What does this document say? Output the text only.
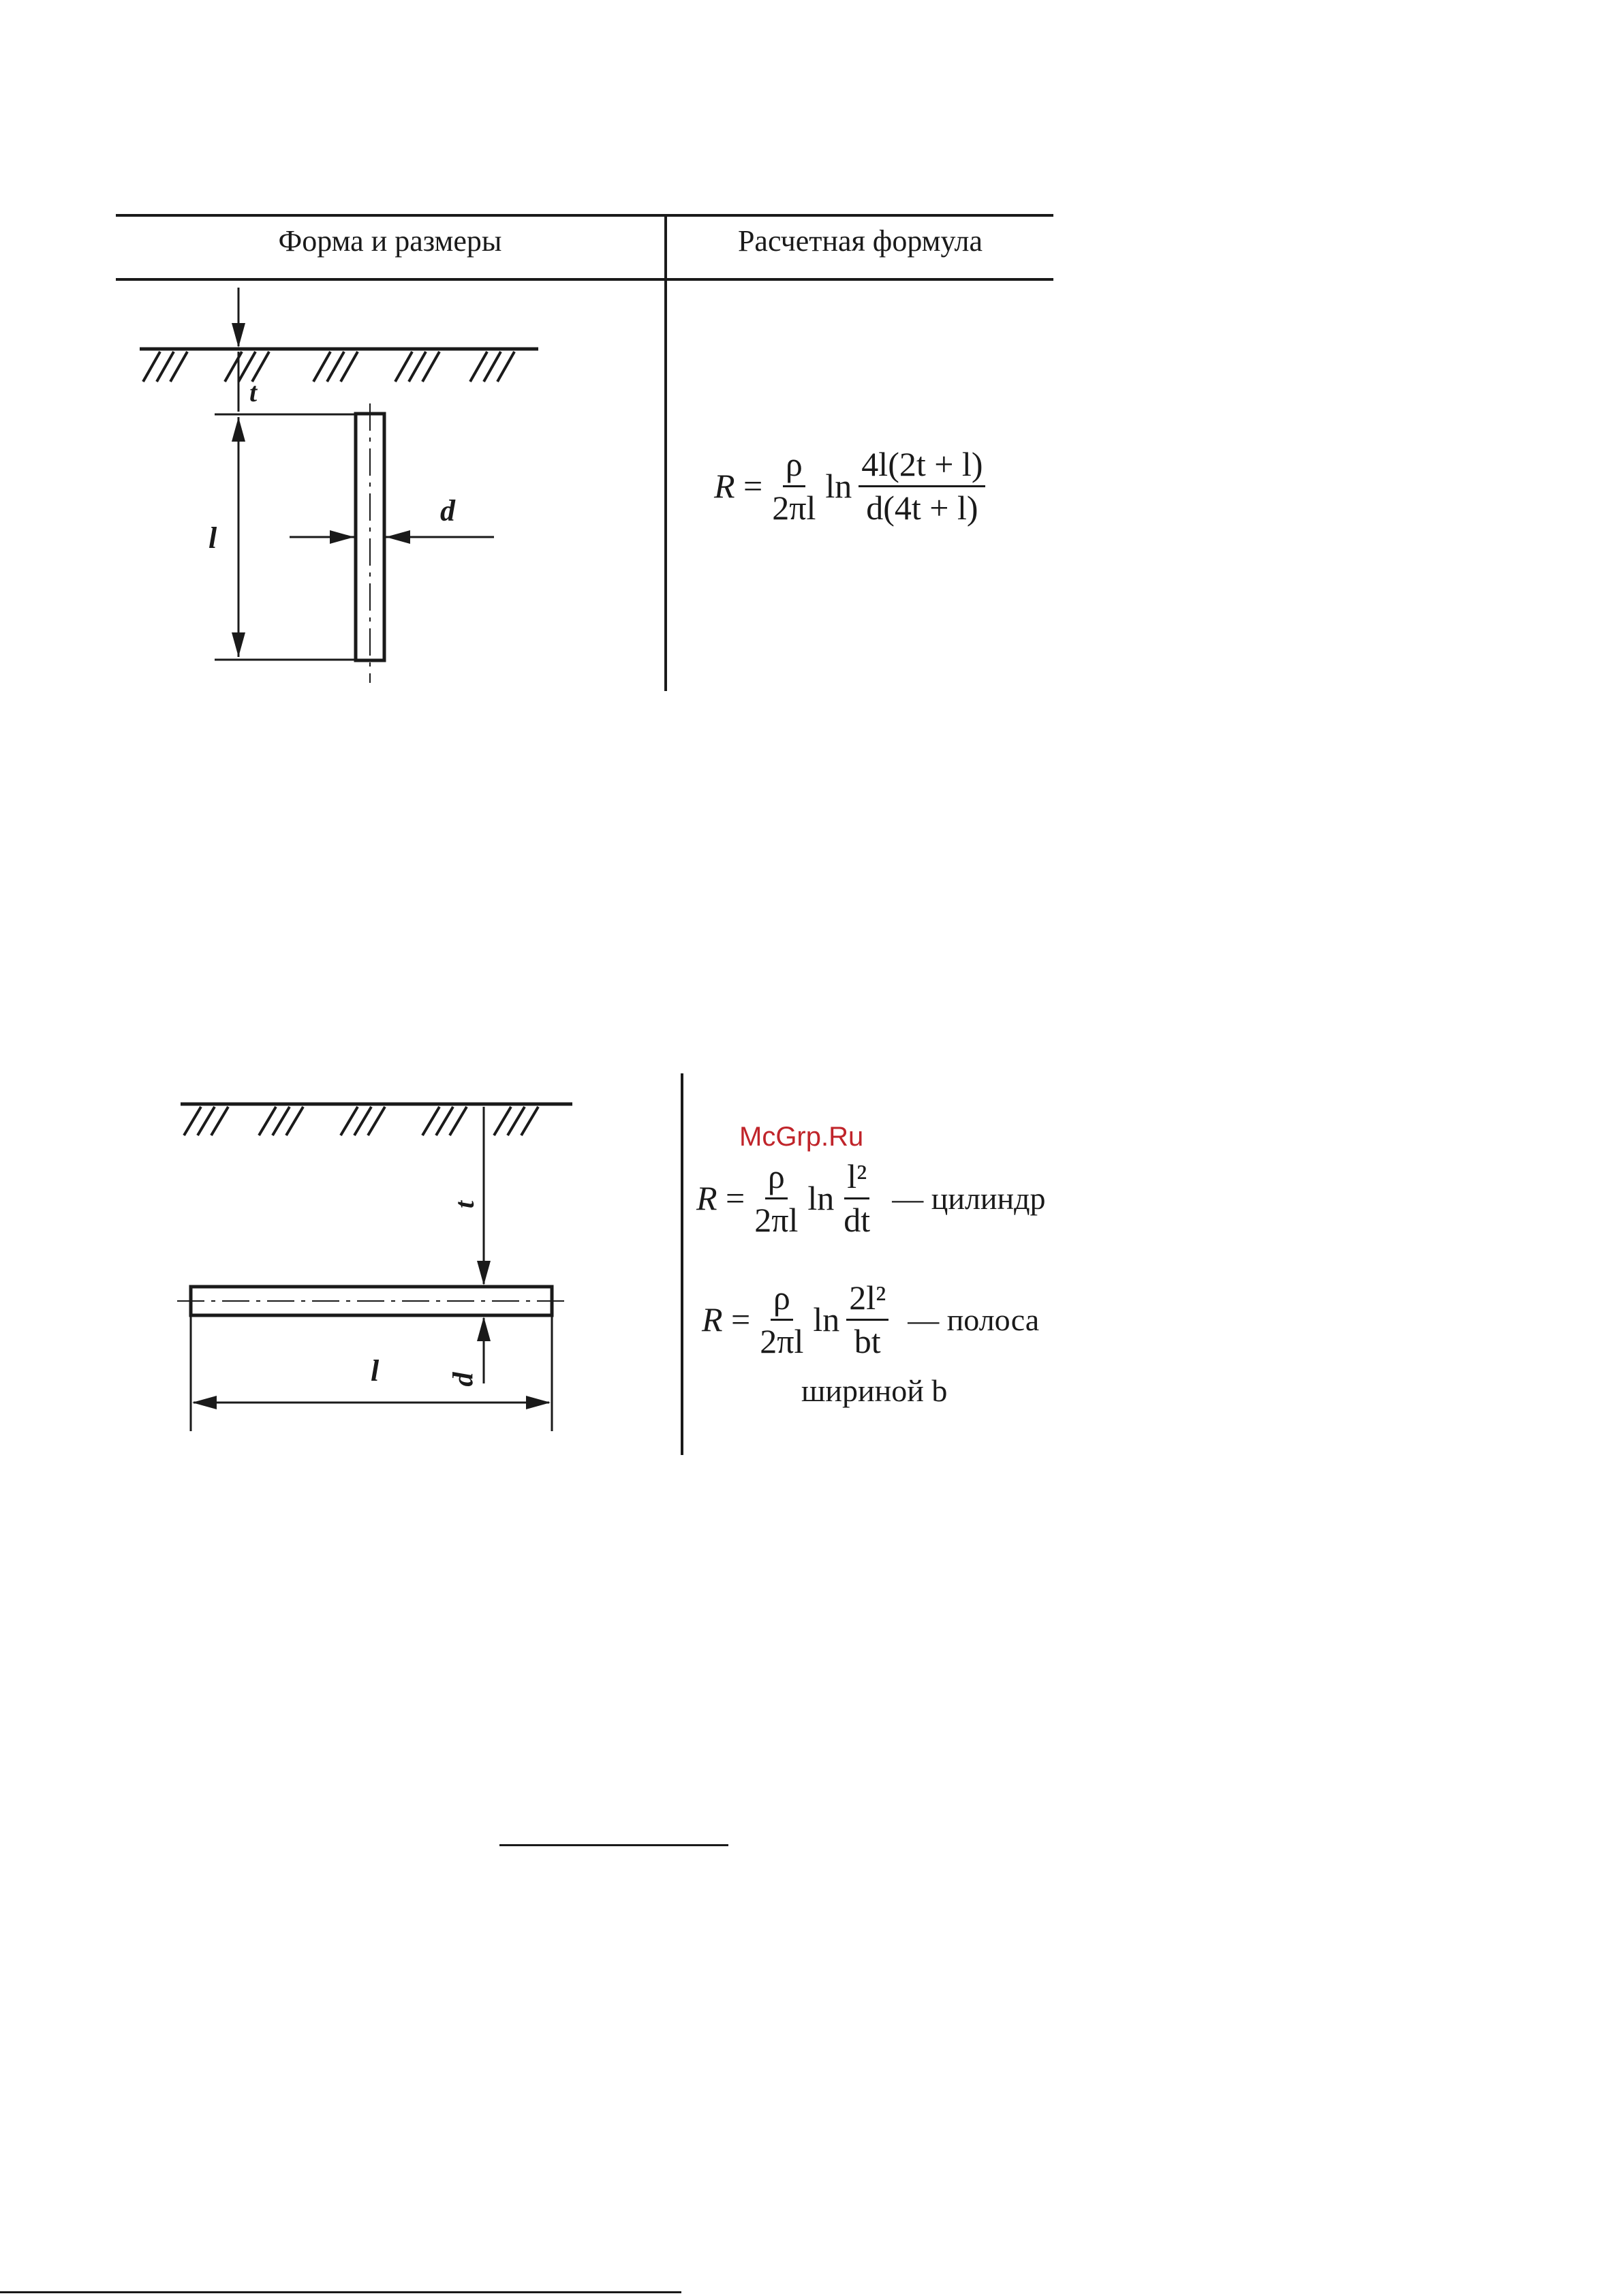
Форма и размеры	Расчетная формула
t
l
d
$R = \frac{\rho}{2\pi l}$ $\ln \frac{4l(2t + l)}{d(4t + l)}$
t
d
l
McGrp.Ru
$R = \frac{\rho}{2\pi l}$ $\ln \frac{\text{l²}}{dt}$ — цилиндр
$R = \frac{\rho}{2\pi l}$ $\ln \frac{\text{2l²}}{bt}$ — полоса
шириной b
